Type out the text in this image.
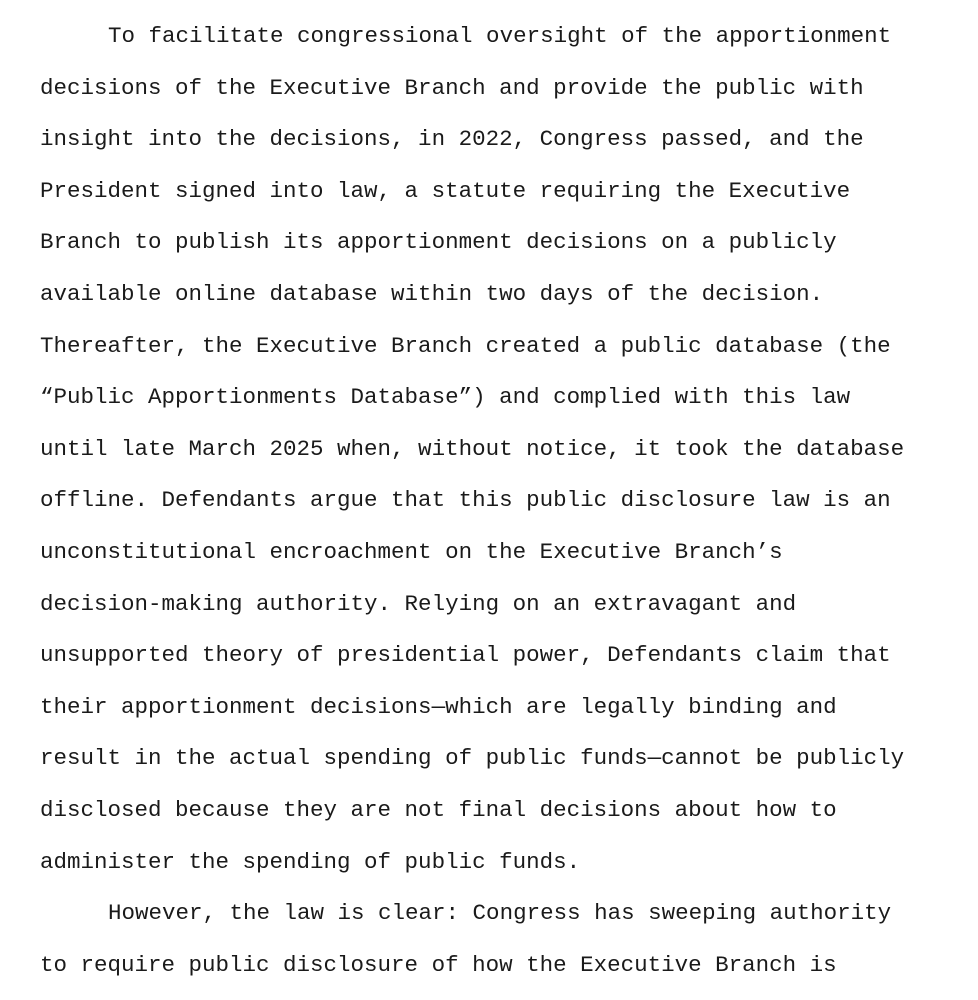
To facilitate congressional oversight of the apportionment
decisions of the Executive Branch and provide the public with
insight into the decisions, in 2022, Congress passed, and the
President signed into law, a statute requiring the Executive
Branch to publish its apportionment decisions on a publicly
available online database within two days of the decision.
Thereafter, the Executive Branch created a public database (the
“Public Apportionments Database”) and complied with this law
until late March 2025 when, without notice, it took the database
offline. Defendants argue that this public disclosure law is an
unconstitutional encroachment on the Executive Branch’s
decision-making authority. Relying on an extravagant and
unsupported theory of presidential power, Defendants claim that
their apportionment decisions—which are legally binding and
result in the actual spending of public funds—cannot be publicly
disclosed because they are not final decisions about how to
administer the spending of public funds.
However, the law is clear: Congress has sweeping authority
to require public disclosure of how the Executive Branch is
